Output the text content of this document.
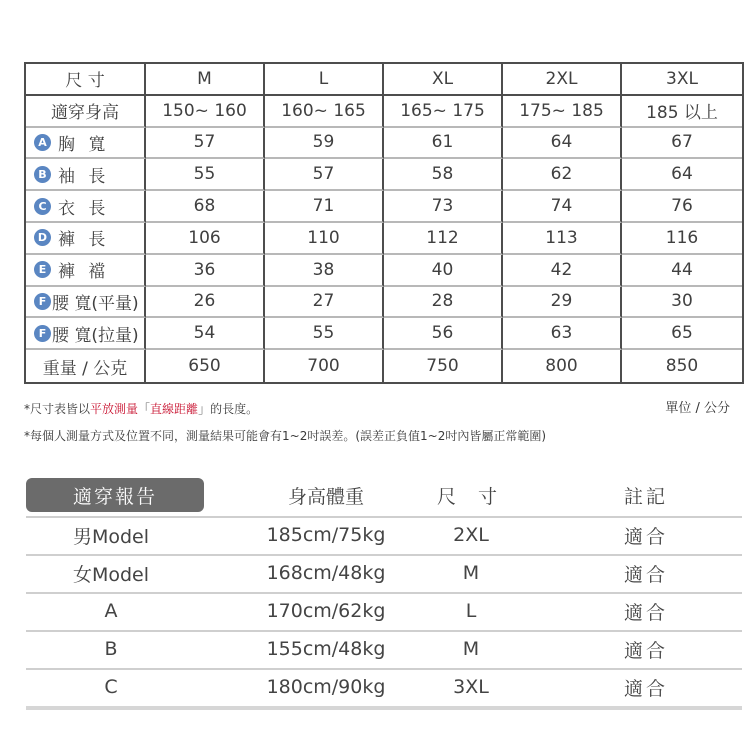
尺 寸	M	L	XL	2XL	3XL
適穿身高	150~ 160	160~ 165	165~ 175	175~ 185	185 以上
A 胸 寬	57	59	61	64	67
B 袖 長	55	57	58	62	64
C 衣 長	68	71	73	74	76
D 褲 長	106	110	112	113	116
E 褲 襠	36	38	40	42	44
F 腰 寬(平量)	26	27	28	29	30
F 腰 寬(拉量)	54	55	56	63	65
重量 / 公克	650	700	750	800	850
*尺寸表皆以平放測量「直線距離」的長度。	單位 / 公分
*每個人測量方式及位置不同，測量結果可能會有1~2吋誤差。(誤差正負值1~2吋內皆屬正常範圍)
適穿報告	身高體重	尺 寸	註記
男Model	185cm/75kg	2XL	適合
女Model	168cm/48kg	M	適合
A	170cm/62kg	L	適合
B	155cm/48kg	M	適合
C	180cm/90kg	3XL	適合
